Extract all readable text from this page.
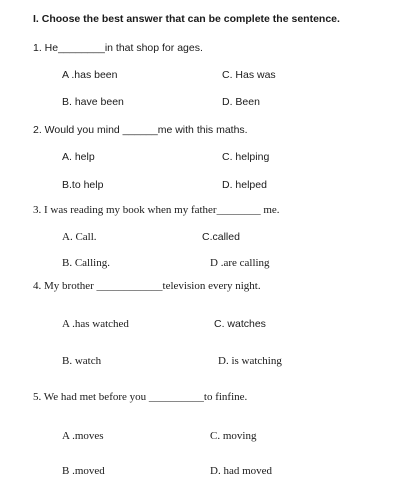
I. Choose the best answer that can be complete the sentence.
1. He________in that shop for ages.
A .has been	C. Has was
B. have been	D. Been
2. Would you mind ______me with this maths.
A. help	C. helping
B.to help	D. helped
3. I was reading my book when my father________ me.
A. Call.	C.called
B. Calling.	D .are calling
4. My brother ____________television every night.
A .has watched	C. watches
B. watch	D. is watching
5. We had met before you __________to finfine.
A .moves	C. moving
B .moved	D. had moved
